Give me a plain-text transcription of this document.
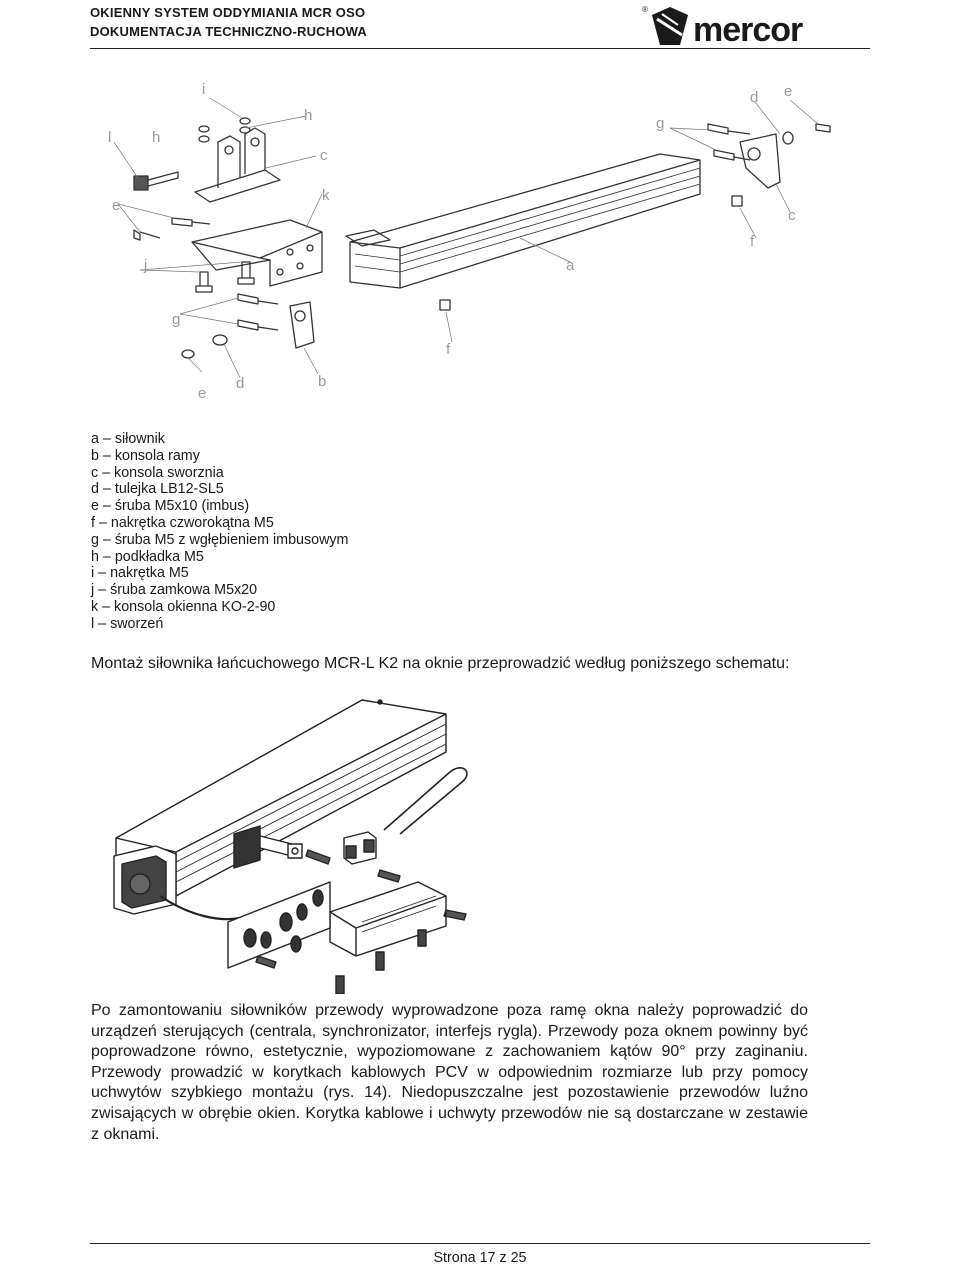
OKIENNY SYSTEM ODDYMIANIA MCR OSO
DOKUMENTACJA TECHNICZNO-RUCHOWA
®
mercor
l	h
i
h
c
k
e
j
g
e
d	b
a
f
g
d e
c
f
a – siłownik
b – konsola ramy
c – konsola sworznia
d – tulejka LB12-SL5
e – śruba M5x10 (imbus)
f – nakrętka czworokątna M5
g – śruba M5 z wgłębieniem imbusowym
h – podkładka M5
i – nakrętka M5
j – śruba zamkowa M5x20
k – konsola okienna KO-2-90
l – sworzeń
Montaż siłownika łańcuchowego MCR-L K2 na oknie przeprowadzić według poniższego schematu:
Po zamontowaniu siłowników przewody wyprowadzone poza ramę okna należy poprowadzić do urządzeń sterujących (centrala, synchronizator, interfejs rygla). Przewody poza oknem powinny być poprowadzone równo, estetycznie, wypoziomowane z zachowaniem kątów 90° przy zaginaniu. Przewody prowadzić w korytkach kablowych PCV w odpowiednim rozmiarze lub przy pomocy uchwytów szybkiego montażu (rys. 14). Niedopuszczalne jest pozostawienie przewodów luźno zwisających w obrębie okien. Korytka kablowe i uchwyty przewodów nie są dostarczane w zestawie z oknami.
Strona 17 z 25
